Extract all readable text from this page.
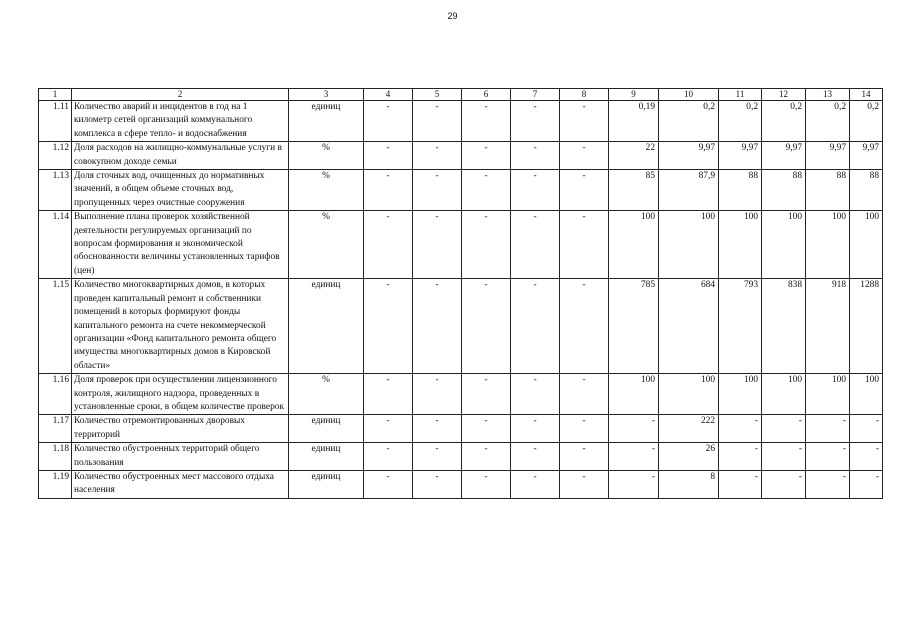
29
1	2	3	4	5	6	7	8	9	10	11	12	13	14
1.11	Количество аварий и инцидентов в год на 1 километр сетей организаций коммунального комплекса в сфере тепло- и водоснабжения	единиц	-	-	-	-	-	0,19	0,2	0,2	0,2	0,2	0,2
1.12	Доля расходов на жилищно-коммунальные услуги в совокупном доходе семьи	%	-	-	-	-	-	22	9,97	9,97	9,97	9,97	9,97
1.13	Доля сточных вод, очищенных до нормативных значений, в общем объеме сточных вод, пропущенных через очистные сооружения	%	-	-	-	-	-	85	87,9	88	88	88	88
1.14	Выполнение плана проверок хозяйственной деятельности регулируемых организаций по вопросам формирования и экономической обоснованности величины установленных тарифов (цен)	%	-	-	-	-	-	100	100	100	100	100	100
1.15	Количество многоквартирных домов, в которых проведен капитальный ремонт и собственники помещений в которых формируют фонды капитального ремонта на счете некоммерческой организации «Фонд капитального ремонта общего имущества многоквартирных домов в Кировской области»	единиц	-	-	-	-	-	785	684	793	838	918	1288
1.16	Доля проверок при осуществлении лицензионного контроля, жилищного надзора, проведенных в установленные сроки, в общем количестве проверок	%	-	-	-	-	-	100	100	100	100	100	100
1.17	Количество отремонтированных дворовых территорий	единиц	-	-	-	-	-	-	222	-	-	-	-
1.18	Количество обустроенных территорий общего пользования	единиц	-	-	-	-	-	-	26	-	-	-	-
1.19	Количество обустроенных мест массового отдыха населения	единиц	-	-	-	-	-	-	8	-	-	-	-
